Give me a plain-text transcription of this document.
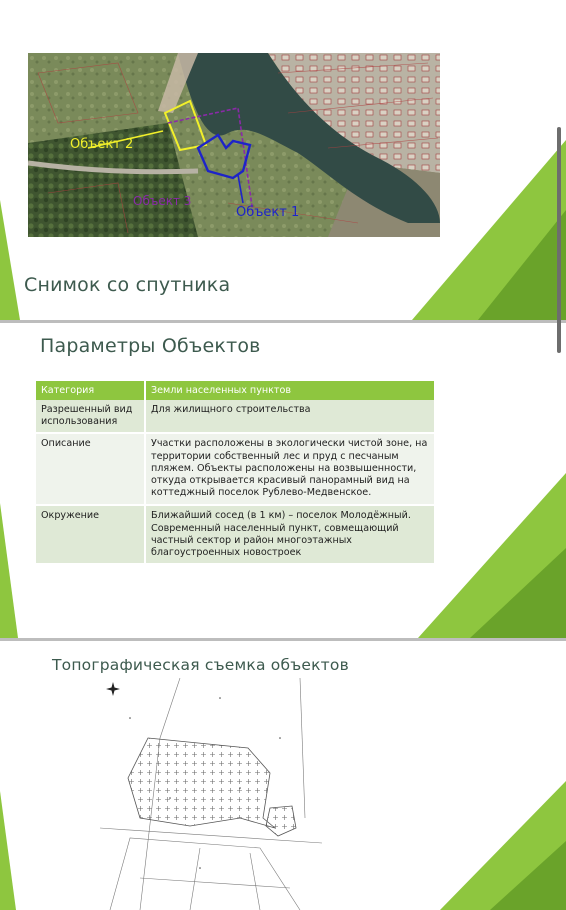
⌂ ONREALT
REAL ESTATE
Объект 2
Объект 3
Объект 1
Снимок со спутника
Параметры Объектов
Категория	Земли населенных пунктов
Разрешенный вид использования	Для жилищного строительства
Описание	Участки расположены в экологически чистой зоне, на территории собственный лес и пруд с песчаным пляжем. Объекты расположены на возвышенности, откуда открывается красивый панорамный вид на коттеджный поселок Рублево-Медвенское.
Окружение	Ближайший сосед (в 1 км) – поселок Молодёжный. Современный населенный пункт, совмещающий частный сектор и район многоэтажных благоустроенных новостроек
Топографическая съемка объектов
